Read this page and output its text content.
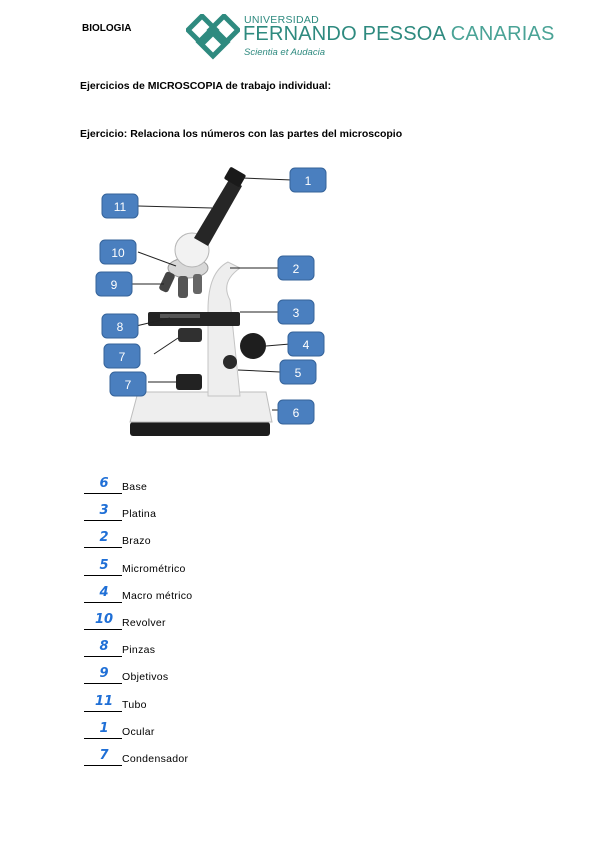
BIOLOGIA
UNIVERSIDAD
FERNANDO PESSOA CANARIAS
Scientia et Audacia
Ejercicios de MICROSCOPIA de trabajo individual:
Ejercicio: Relaciona los números con las partes del microscopio
1
11
10
9
2
3
8
4
7
5
7
6
6	Base
3	Platina
2	Brazo
5	Micrométrico
4	Macro métrico
10 Revolver
8	Pinzas
9	Objetivos
11 Tubo
1	Ocular
7	Condensador
